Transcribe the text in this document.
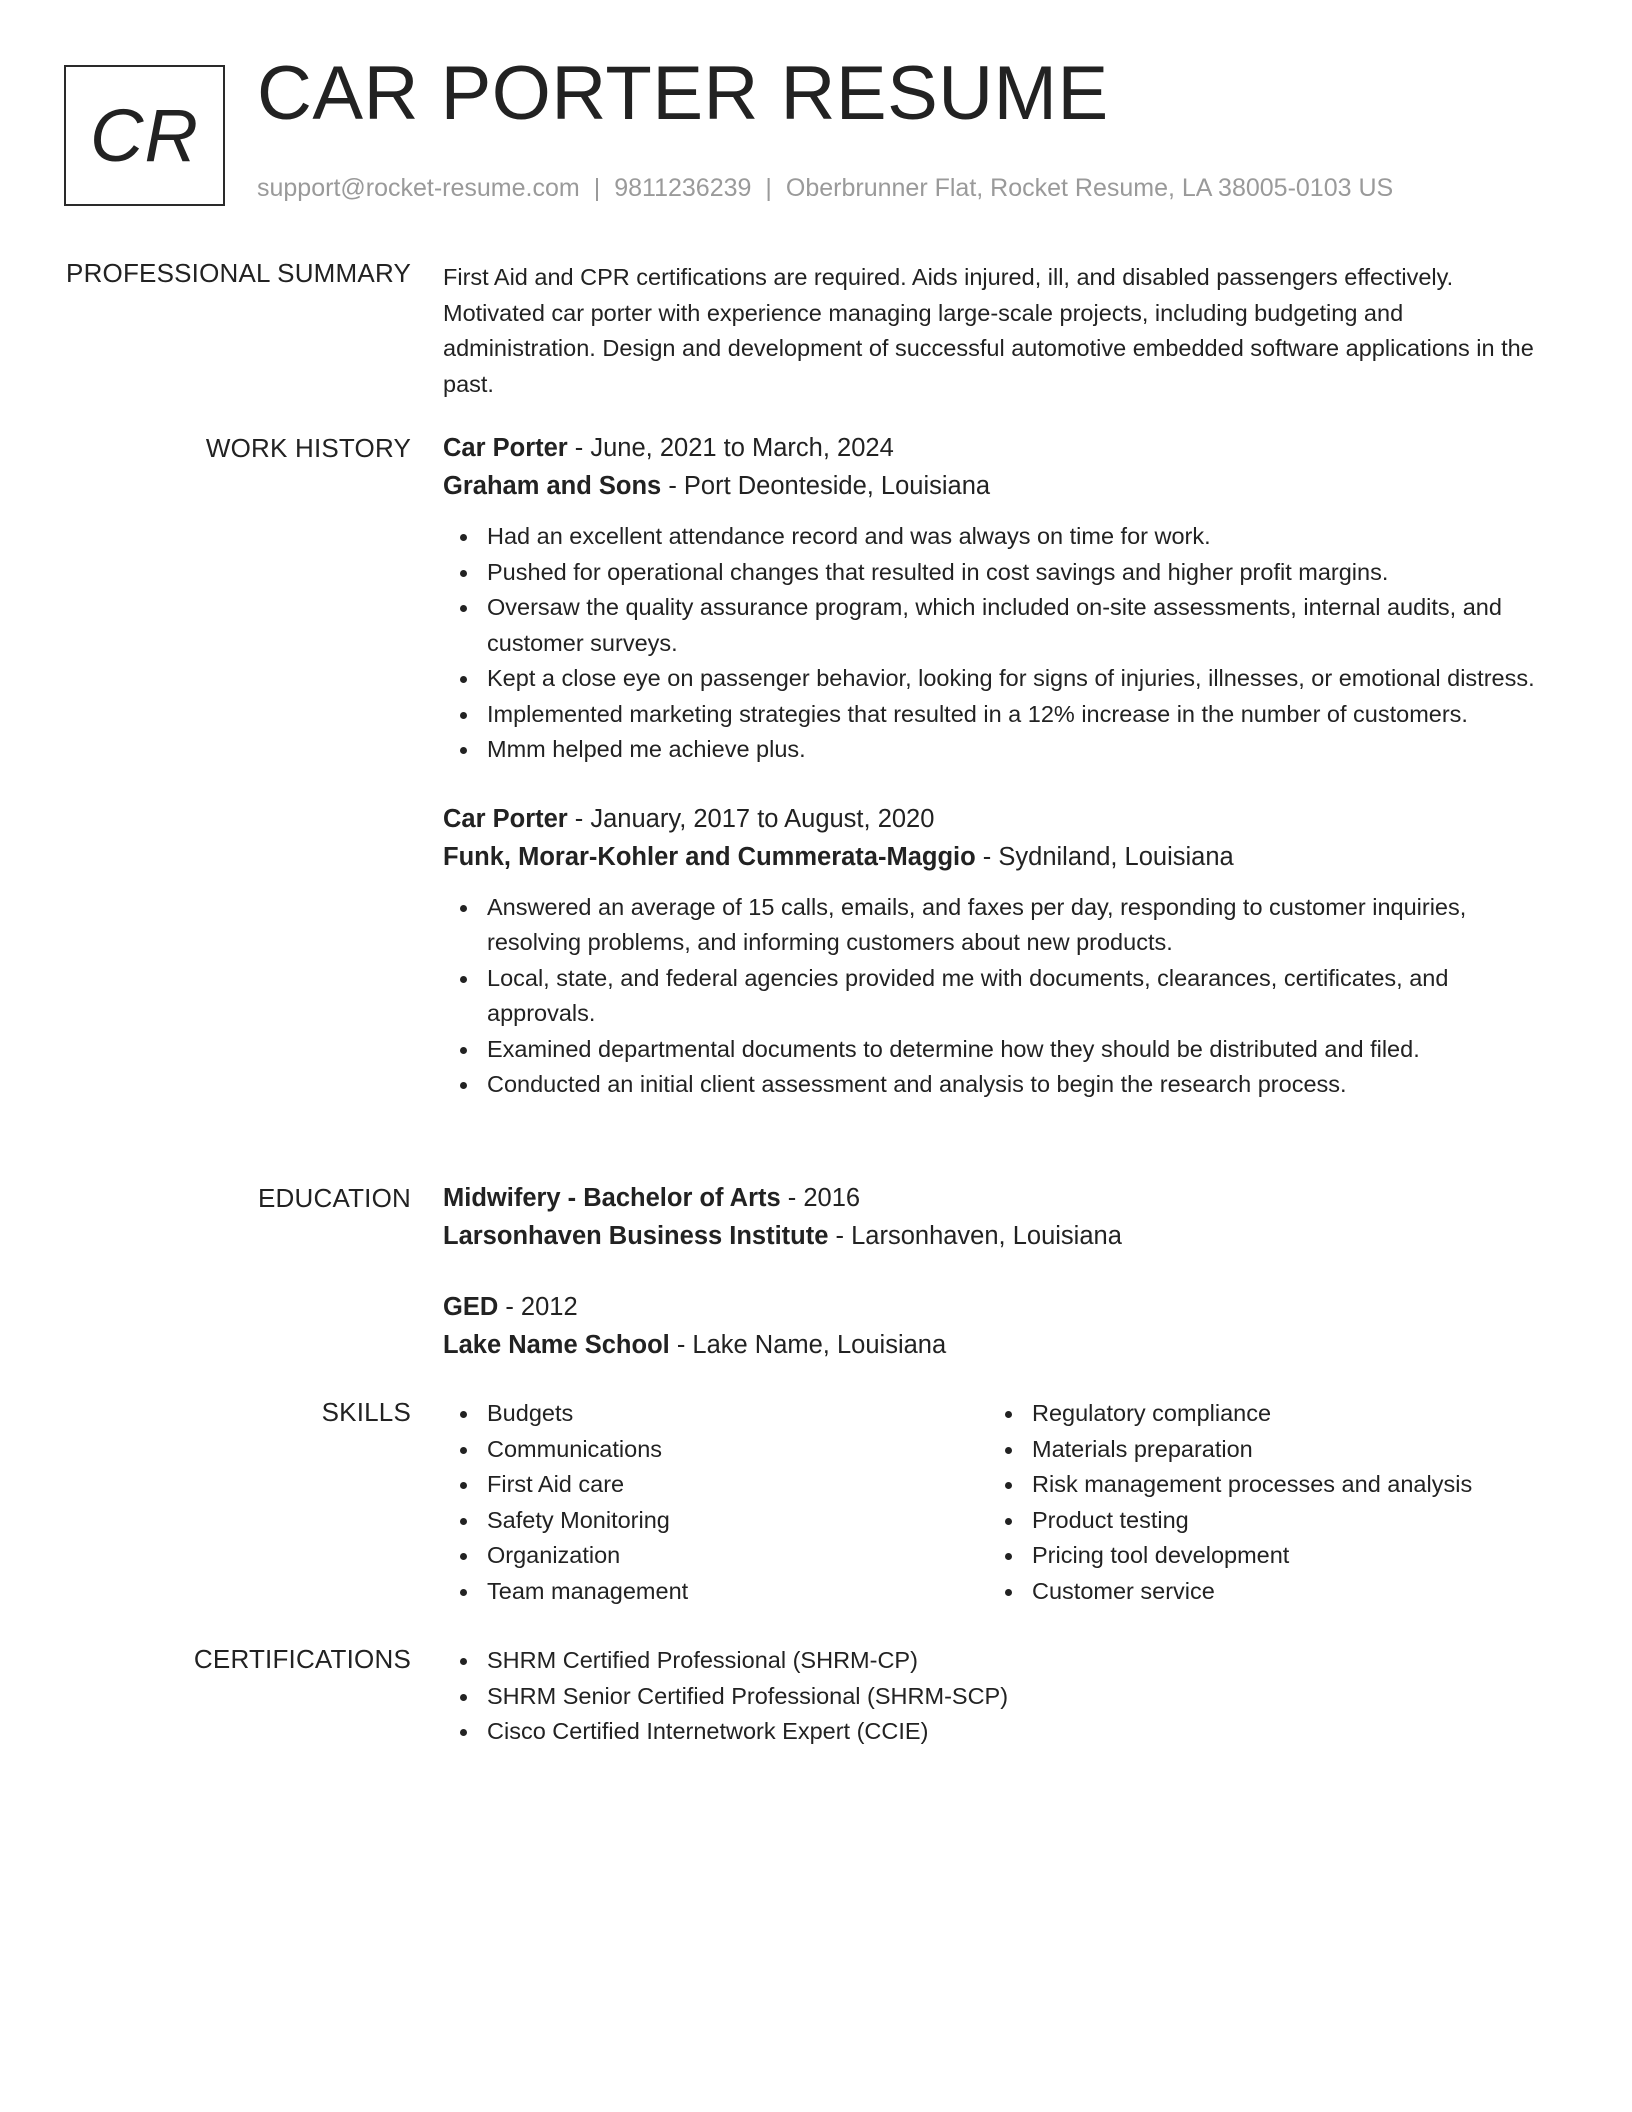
CR CAR PORTER RESUME
support@rocket-resume.com | 9811236239 | Oberbrunner Flat, Rocket Resume, LA 38005-0103 US
PROFESSIONAL SUMMARY First Aid and CPR certifications are required. Aids injured, ill, and disabled passengers effectively. Motivated car porter with experience managing large-scale projects, including budgeting and administration. Design and development of successful automotive embedded software applications in the past.

WORK HISTORY Car Porter - June, 2021 to March, 2024
Graham and Sons - Port Deonteside, Louisiana
Had an excellent attendance record and was always on time for work.
Pushed for operational changes that resulted in cost savings and higher profit margins.
Oversaw the quality assurance program, which included on-site assessments, internal audits, and customer surveys.
Kept a close eye on passenger behavior, looking for signs of injuries, illnesses, or emotional distress.
Implemented marketing strategies that resulted in a 12% increase in the number of customers.
Mmm helped me achieve plus.
Car Porter - January, 2017 to August, 2020
Funk, Morar-Kohler and Cummerata-Maggio - Sydniland, Louisiana
Answered an average of 15 calls, emails, and faxes per day, responding to customer inquiries, resolving problems, and informing customers about new products.
Local, state, and federal agencies provided me with documents, clearances, certificates, and approvals.
Examined departmental documents to determine how they should be distributed and filed.
Conducted an initial client assessment and analysis to begin the research process.
EDUCATION Midwifery - Bachelor of Arts - 2016
Larsonhaven Business Institute - Larsonhaven, Louisiana
GED - 2012
Lake Name School - Lake Name, Louisiana
SKILLS	Budgets
Communications
First Aid care
Safety Monitoring
Organization
Team management
Regulatory compliance
Materials preparation
Risk management processes and analysis
Product testing
Pricing tool development
Customer service
CERTIFICATIONS	SHRM Certified Professional (SHRM-CP)
SHRM Senior Certified Professional (SHRM-SCP)
Cisco Certified Internetwork Expert (CCIE)
